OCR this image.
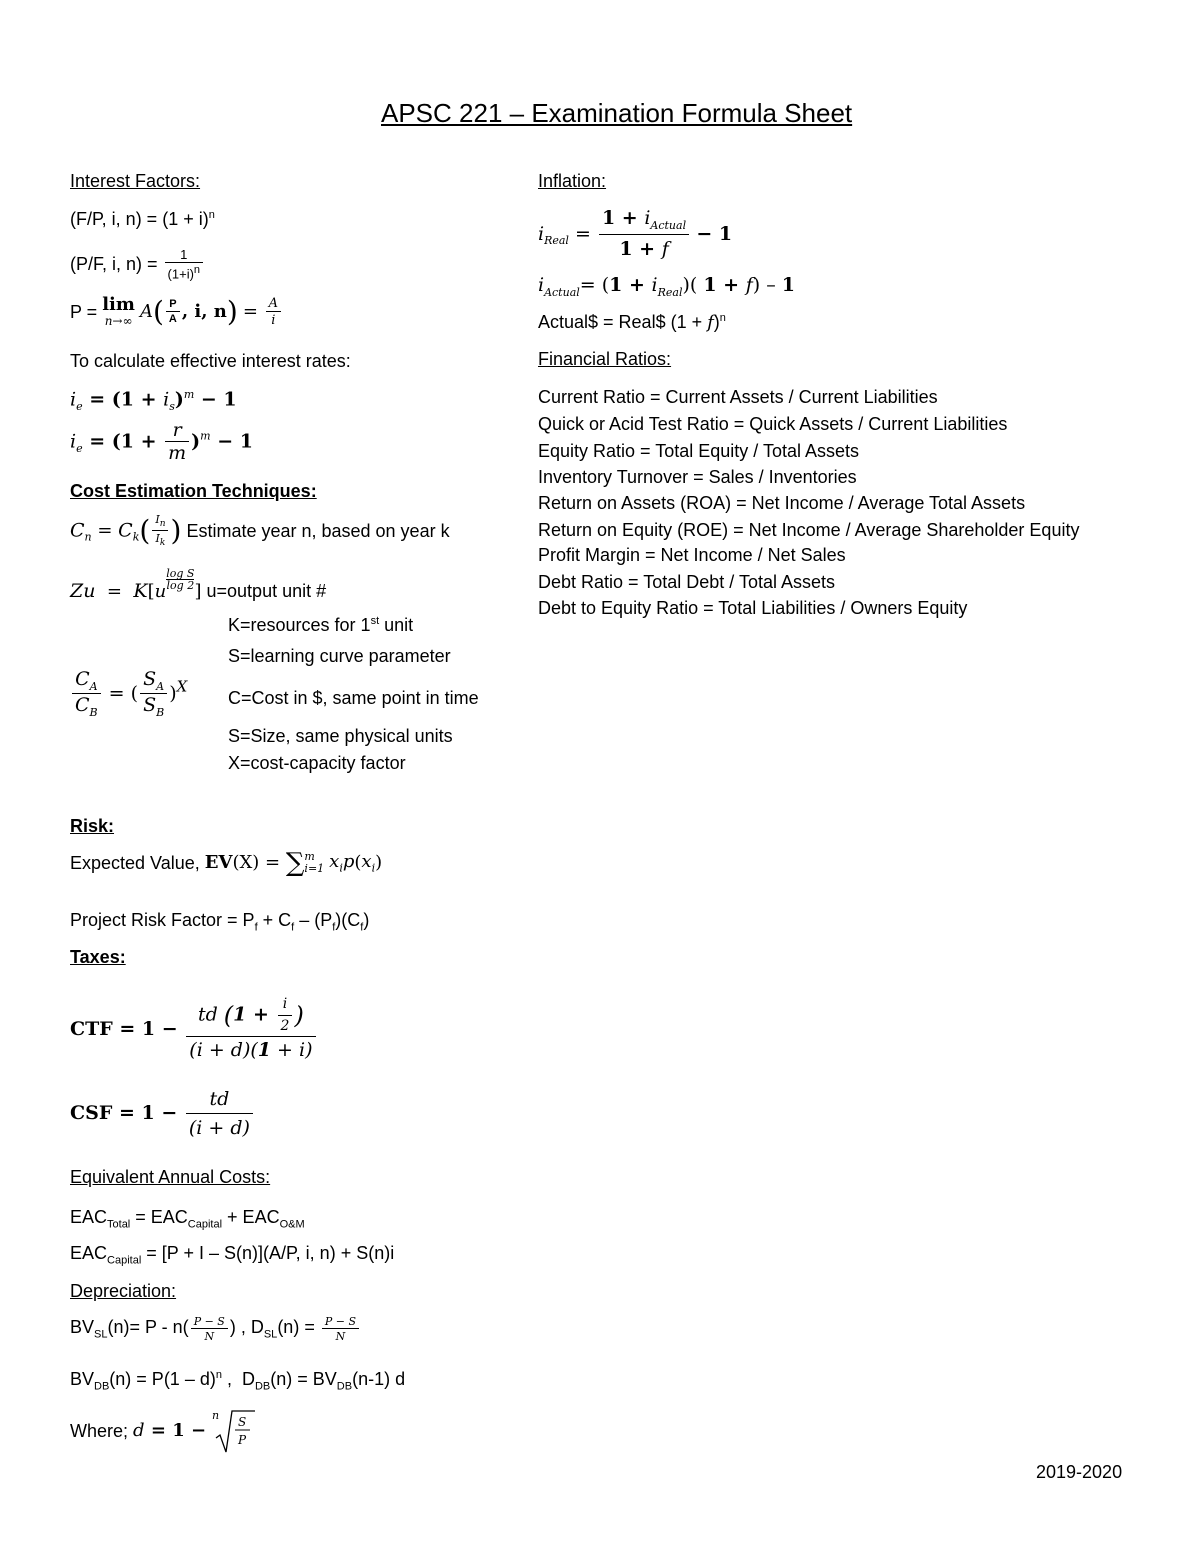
APSC 221 – Examination Formula Sheet
Interest Factors:
(F/P, i, $n) = (1 + i)^n$
(P/F, i, $n) = \frac{1}{(1+i)^n}$
P = lim
n→∞ $A( \frac{P}{A}$ , i, $n) = \frac{A}{i}$
To calculate effective interest rates:
$i_e = (1 + i_s)^m - 1$
$i_e = (1 + \frac{r}{m} )^m - 1$
Cost Estimation Techniques:
$C_n = C_k( \frac{I_n}{I_k}$ ) Estimate year n, based on year k
Zu  =  K[u
$^{\frac{\text{log S}}{\log 2}}$
] u=output unit #
K=resources for 1st unit
S=learning curve parameter
$\frac{C_A}{C_B}$ = ( $\frac{S_A}{S_B} )^X$
C=Cost in $, same point in time
S=Size, same physical units
X=cost-capacity factor
Risk:
Expected Value, EV(X) = ∑ m
i=1 $x_ip(x_i)$
Project Risk Factor = $P_f + C_f - (P_f)(C_f)$
Taxes:
CTF = $1 - \frac{td (1 + \frac{i}{2} )}{(i + d)(1 + i)}$
CSF = $1 - \frac{td}{(i + d)}$
Equivalent Annual Costs:
$EAC_{Total} = EAC_{Capital} + EAC_{O\&M}$
$EAC_{Capital} = [P + I - S(n)](A/P$, i, n) + S(n)i
Depreciation:
$BV_{SL}(n)= P - n( \frac{P - S}{N}$ ) , $D_{SL}(n) = \frac{P - S}{N}$
$BV_{DB}(n) = P(1 - d)^n$ ,  $D_{DB}(n) = BV_{DB}(n-1)$ d
Where; d = 1 −
n S
P
2019-2020
Inflation:
$i_{Real} = \frac{1 + i_{Actual}}{1 + f} - 1$
$i_{Actual}= (1 + i_{Real})$( 1 + f) – 1
Actual$ = Real$ $(1 + f)^n$
Financial Ratios:
Current Ratio = Current Assets / Current Liabilities
Quick or Acid Test Ratio = Quick Assets / Current Liabilities
Equity Ratio = Total Equity / Total Assets
Inventory Turnover = Sales / Inventories
Return on Assets (ROA) = Net Income / Average Total Assets
Return on Equity (ROE) = Net Income / Average Shareholder Equity
Profit Margin = Net Income / Net Sales
Debt Ratio = Total Debt / Total Assets
Debt to Equity Ratio = Total Liabilities / Owners Equity
